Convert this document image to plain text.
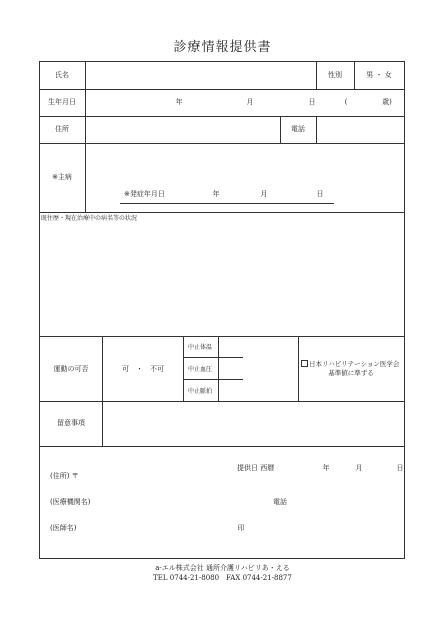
診療情報提供書
氏名	性別	男 ・ 女
生年月日	年	月	日	(	歳)
住所	電話
※主病
※発症年月日	年	月	日
既往歴・現在治療中の病名等の状況
運動の可否	可　・　不可
中止体温
中止血圧
中止脈拍
日本リハビリテーション医学会
基準値に準ずる
留意事項
(住所) 〒
提供日 西暦	年	月	日
(医療機関名)	電話
(医師名)	印
a-エル株式会社 通所介護リハビリあ・える
TEL 0744-21-8080　FAX 0744-21-8877
